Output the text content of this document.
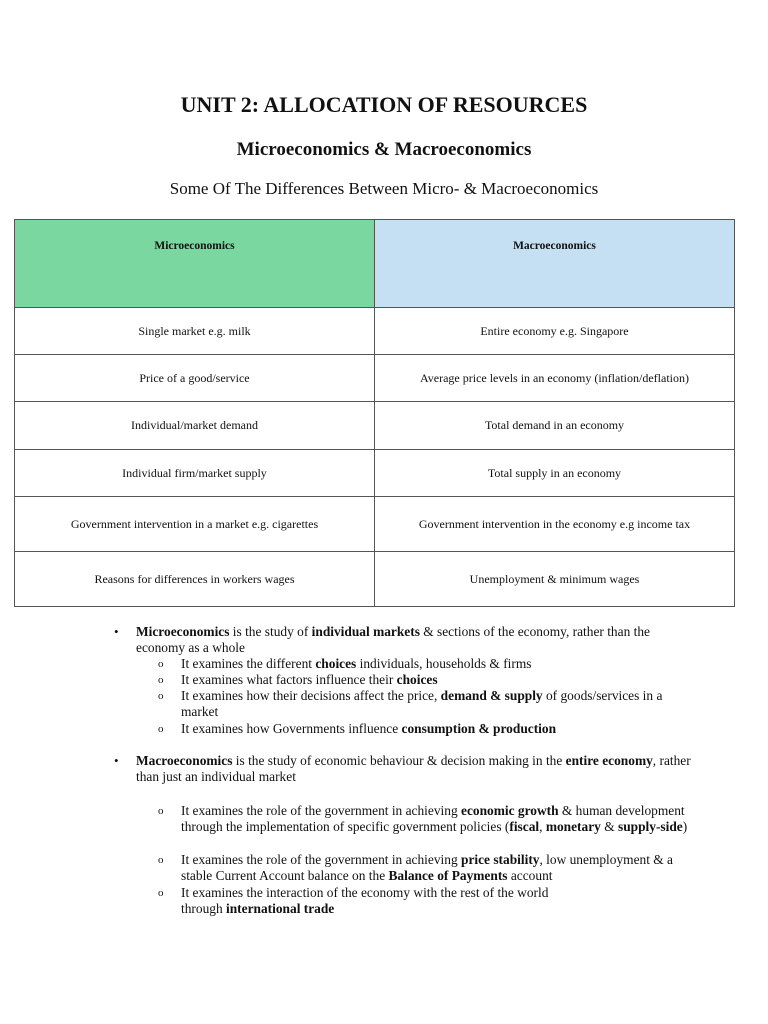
UNIT 2: ALLOCATION OF RESOURCES
Microeconomics & Macroeconomics

Some Of The Differences Between Micro- & Macroeconomics

Microeconomics	Macroeconomics
Single market e.g. milk	Entire economy e.g. Singapore
Price of a good/service	Average price levels in an economy (inflation/deflation)
Individual/market demand	Total demand in an economy
Individual firm/market supply	Total supply in an economy
Government intervention in a market e.g. cigarettes	Government intervention in the economy e.g income tax
Reasons for differences in workers wages	Unemployment & minimum wages
• Microeconomics is the study of individual markets & sections of the economy, rather than the economy as a whole

o It examines the different choices individuals, households & firms

o It examines what factors influence their choices

o It examines how their decisions affect the price, demand & supply of goods/services in a market

o It examines how Governments influence consumption & production

• Macroeconomics is the study of economic behaviour & decision making in the entire economy, rather than just an individual market

o It examines the role of the government in achieving economic growth & human development through the implementation of specific government policies (fiscal, monetary & supply-side)

o It examines the role of the government in achieving price stability, low unemployment & a stable Current Account balance on the Balance of Payments account

o It examines the interaction of the economy with the rest of the world through international trade
